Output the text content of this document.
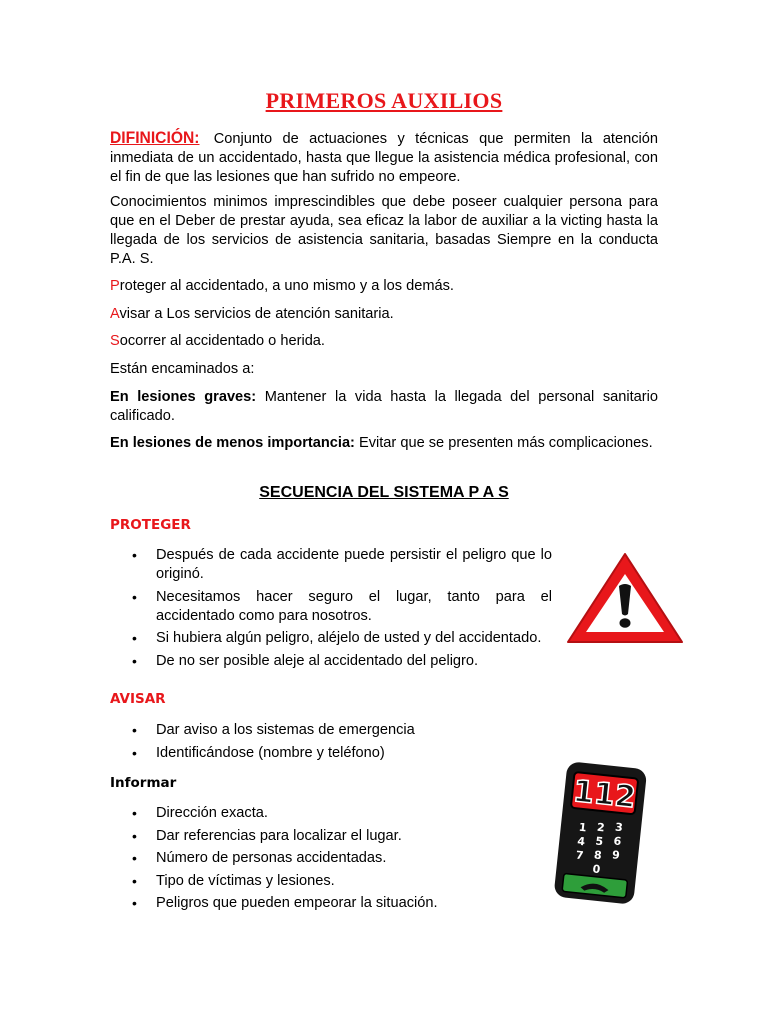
PRIMEROS AUXILIOS
DIFINICIÓN: Conjunto de actuaciones y técnicas que permiten la atención inmediata de un accidentado, hasta que llegue la asistencia médica profesional, con el fin de que las lesiones que han sufrido no empeore.
Conocimientos minimos imprescindibles que debe poseer cualquier persona para que en el Deber de prestar ayuda, sea eficaz la labor de auxiliar a la victing hasta la llegada de los servicios de asistencia sanitaria, basadas Siempre en la conducta P.A. S.
Proteger al accidentado, a uno mismo y a los demás.
Avisar a Los servicios de atención sanitaria.
Socorrer al accidentado o herida.
Están encaminados a:
En lesiones graves: Mantener la vida hasta la llegada del personal sanitario calificado.
En lesiones de menos importancia: Evitar que se presenten más complicaciones.
SECUENCIA DEL SISTEMA P A S
PROTEGER
• Después de cada accidente puede persistir el peligro que lo originó.
• Necesitamos hacer seguro el lugar, tanto para el accidentado como para nosotros.
• Si hubiera algún peligro, aléjelo de usted y del accidentado.
• De no ser posible aleje al accidentado del peligro.
AVISAR
• Dar aviso a los sistemas de emergencia
• Identificándose (nombre y teléfono)
Informar
• Dirección exacta.
• Dar referencias para localizar el lugar.
• Número de personas accidentadas.
• Tipo de víctimas y lesiones.
• Peligros que pueden empeorar la situación.
112
1
4
7
2
5
8
0
3
6
9
